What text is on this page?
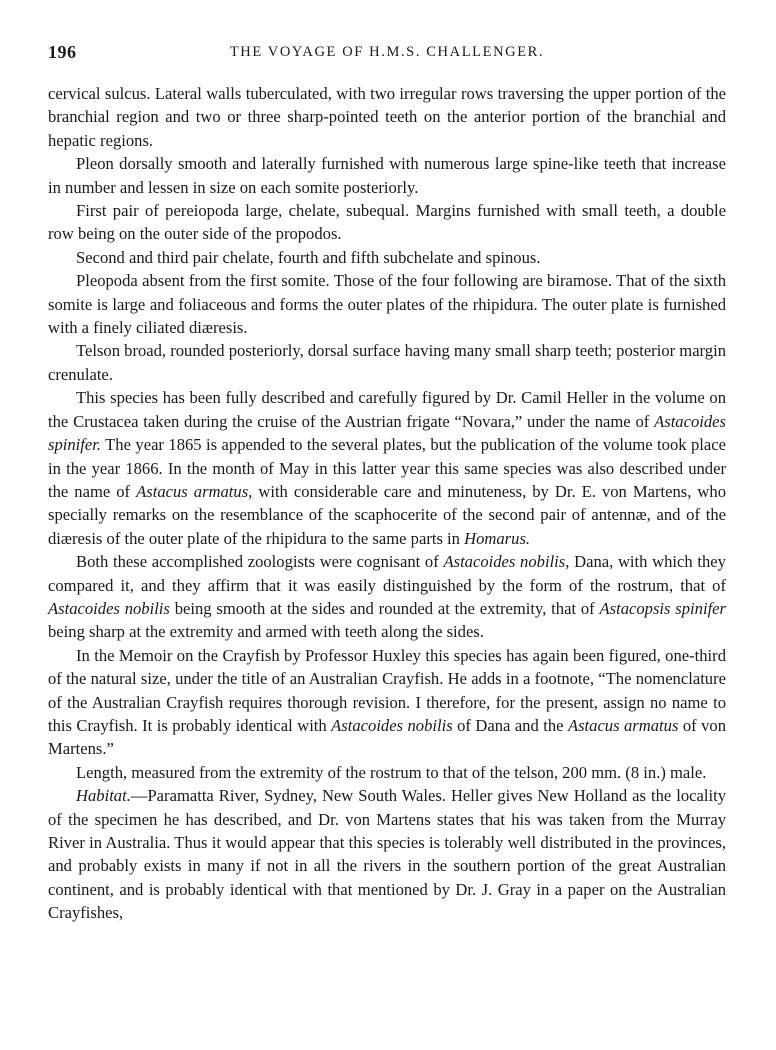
196	THE VOYAGE OF H.M.S. CHALLENGER.

cervical sulcus. Lateral walls tuberculated, with two irregular rows traversing the upper portion of the branchial region and two or three sharp-pointed teeth on the anterior portion of the branchial and hepatic regions.

Pleon dorsally smooth and laterally furnished with numerous large spine-like teeth that increase in number and lessen in size on each somite posteriorly.

First pair of pereiopoda large, chelate, subequal. Margins furnished with small teeth, a double row being on the outer side of the propodos.

Second and third pair chelate, fourth and fifth subchelate and spinous.

Pleopoda absent from the first somite. Those of the four following are biramose. That of the sixth somite is large and foliaceous and forms the outer plates of the rhipidura. The outer plate is furnished with a finely ciliated diæresis.

Telson broad, rounded posteriorly, dorsal surface having many small sharp teeth; posterior margin crenulate.

This species has been fully described and carefully figured by Dr. Camil Heller in the volume on the Crustacea taken during the cruise of the Austrian frigate “Novara,” under the name of Astacoides spinifer. The year 1865 is appended to the several plates, but the publication of the volume took place in the year 1866. In the month of May in this latter year this same species was also described under the name of Astacus armatus, with considerable care and minuteness, by Dr. E. von Martens, who specially remarks on the resemblance of the scaphocerite of the second pair of antennæ, and of the diæresis of the outer plate of the rhipidura to the same parts in Homarus.

Both these accomplished zoologists were cognisant of Astacoides nobilis, Dana, with which they compared it, and they affirm that it was easily distinguished by the form of the rostrum, that of Astacoides nobilis being smooth at the sides and rounded at the extremity, that of Astacopsis spinifer being sharp at the extremity and armed with teeth along the sides.

In the Memoir on the Crayfish by Professor Huxley this species has again been figured, one-third of the natural size, under the title of an Australian Crayfish. He adds in a footnote, “The nomenclature of the Australian Crayfish requires thorough revision. I therefore, for the present, assign no name to this Crayfish. It is probably identical with Astacoides nobilis of Dana and the Astacus armatus of von Martens.”

Length, measured from the extremity of the rostrum to that of the telson, 200 mm. (8 in.) male.

Habitat.—Paramatta River, Sydney, New South Wales. Heller gives New Holland as the locality of the specimen he has described, and Dr. von Martens states that his was taken from the Murray River in Australia. Thus it would appear that this species is tolerably well distributed in the provinces, and probably exists in many if not in all the rivers in the southern portion of the great Australian continent, and is probably identical with that mentioned by Dr. J. Gray in a paper on the Australian Crayfishes,
